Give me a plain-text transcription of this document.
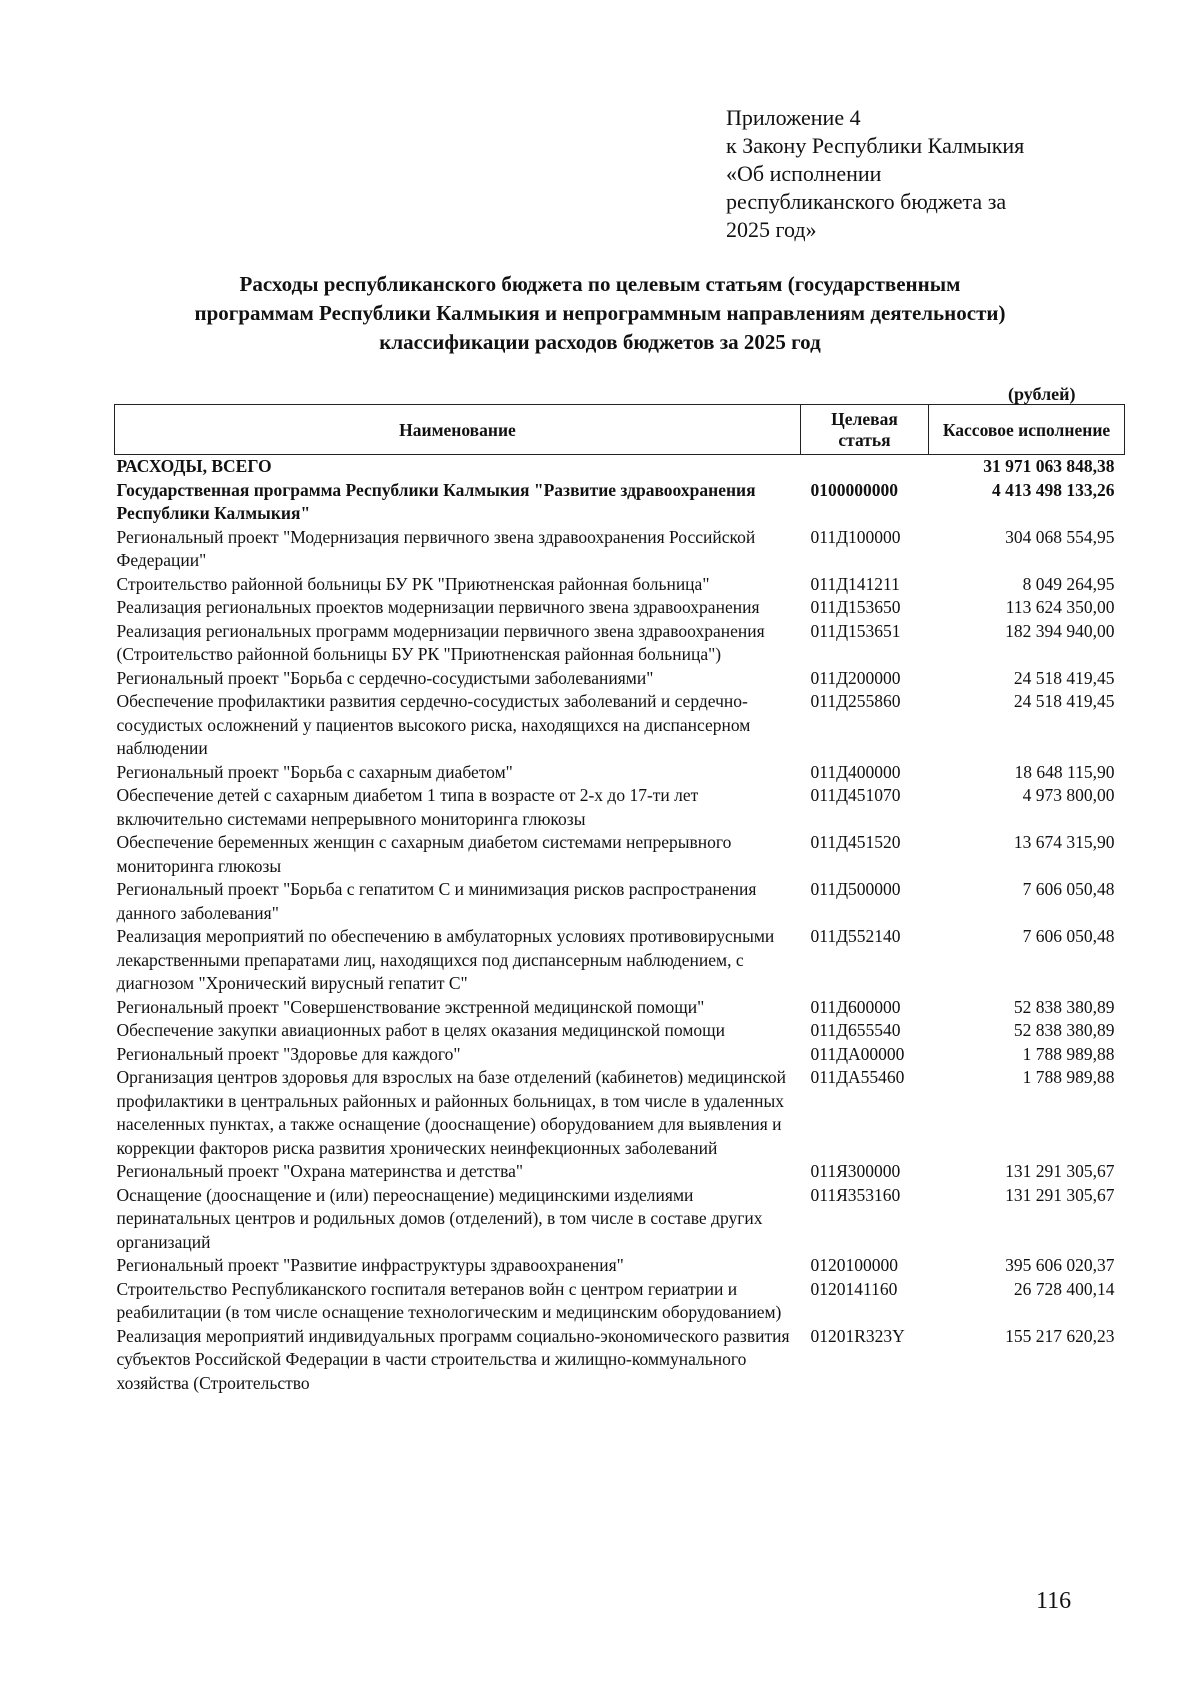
Приложение 4
к Закону Республики Калмыкия
«Об исполнении
республиканского бюджета за
2025 год»
Расходы республиканского бюджета по целевым статьям (государственным
программам Республики Калмыкия и непрограммным направлениям деятельности)
классификации расходов бюджетов за 2025 год
(рублей)
Наименование	Целевая статья	Кассовое исполнение
РАСХОДЫ, ВСЕГО		31 971 063 848,38
Государственная программа Республики Калмыкия "Развитие здравоохранения Республики Калмыкия"	0100000000	4 413 498 133,26
Региональный проект "Модернизация первичного звена здравоохранения Российской Федерации"	011Д100000	304 068 554,95
Строительство районной больницы БУ РК "Приютненская районная больница"	011Д141211	8 049 264,95
Реализация региональных проектов модернизации первичного звена здравоохранения	011Д153650	113 624 350,00
Реализация региональных программ модернизации первичного звена здравоохранения (Строительство районной больницы БУ РК "Приютненская районная больница")	011Д153651	182 394 940,00
Региональный проект "Борьба с сердечно-сосудистыми заболеваниями"	011Д200000	24 518 419,45
Обеспечение профилактики развития сердечно-сосудистых заболеваний и сердечно-сосудистых осложнений у пациентов высокого риска, находящихся на диспансерном наблюдении	011Д255860	24 518 419,45
Региональный проект "Борьба с сахарным диабетом"	011Д400000	18 648 115,90
Обеспечение детей с сахарным диабетом 1 типа в возрасте от 2-х до 17-ти лет включительно системами непрерывного мониторинга глюкозы	011Д451070	4 973 800,00
Обеспечение беременных женщин с сахарным диабетом системами непрерывного мониторинга глюкозы	011Д451520	13 674 315,90
Региональный проект "Борьба с гепатитом С и минимизация рисков распространения данного заболевания"	011Д500000	7 606 050,48
Реализация мероприятий по обеспечению в амбулаторных условиях противовирусными лекарственными препаратами лиц, находящихся под диспансерным наблюдением, с диагнозом "Хронический вирусный гепатит С"	011Д552140	7 606 050,48
Региональный проект "Совершенствование экстренной медицинской помощи"	011Д600000	52 838 380,89
Обеспечение закупки авиационных работ в целях оказания медицинской помощи	011Д655540	52 838 380,89
Региональный проект "Здоровье для каждого"	011ДА00000	1 788 989,88
Организация центров здоровья для взрослых на базе отделений (кабинетов) медицинской профилактики в центральных районных и районных больницах, в том числе в удаленных населенных пунктах, а также оснащение (дооснащение) оборудованием для выявления и коррекции факторов риска развития хронических неинфекционных заболеваний	011ДА55460	1 788 989,88
Региональный проект "Охрана материнства и детства"	011Я300000	131 291 305,67
Оснащение (дооснащение и (или) переоснащение) медицинскими изделиями перинатальных центров и родильных домов (отделений), в том числе в составе других организаций	011Я353160	131 291 305,67
Региональный проект "Развитие инфраструктуры здравоохранения"	0120100000	395 606 020,37
Строительство Республиканского госпиталя ветеранов войн с центром гериатрии и реабилитации (в том числе оснащение технологическим и медицинским оборудованием)	0120141160	26 728 400,14
Реализация мероприятий индивидуальных программ социально-экономического развития субъектов Российской Федерации в части строительства и жилищно-коммунального хозяйства (Строительство	01201R323Y	155 217 620,23
116
